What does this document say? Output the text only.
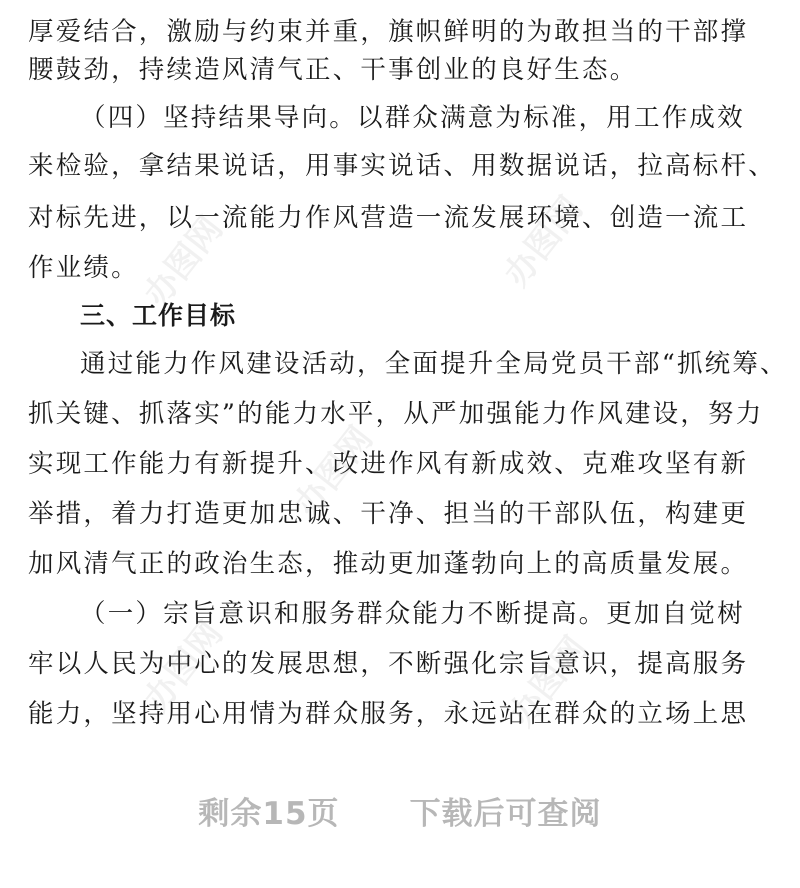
厚爱结合，激励与约束并重，旗帜鲜明的为敢担当的干部撑
腰鼓劲，持续造风清气正、干事创业的良好生态。
（四）坚持结果导向。以群众满意为标准，用工作成效
来检验，拿结果说话，用事实说话、用数据说话，拉高标杆、
对标先进，以一流能力作风营造一流发展环境、创造一流工
作业绩。
三、工作目标
通过能力作风建设活动，全面提升全局党员干部“抓统筹、
抓关键、抓落实”的能力水平，从严加强能力作风建设，努力
实现工作能力有新提升、改进作风有新成效、克难攻坚有新
举措，着力打造更加忠诚、干净、担当的干部队伍，构建更
加风清气正的政治生态，推动更加蓬勃向上的高质量发展。
（一）宗旨意识和服务群众能力不断提高。更加自觉树
牢以人民为中心的发展思想，不断强化宗旨意识，提高服务
能力，坚持用心用情为群众服务，永远站在群众的立场上思
办图网	办图网
办图网
办图网	办图网
剩余15页 下载后可查阅
